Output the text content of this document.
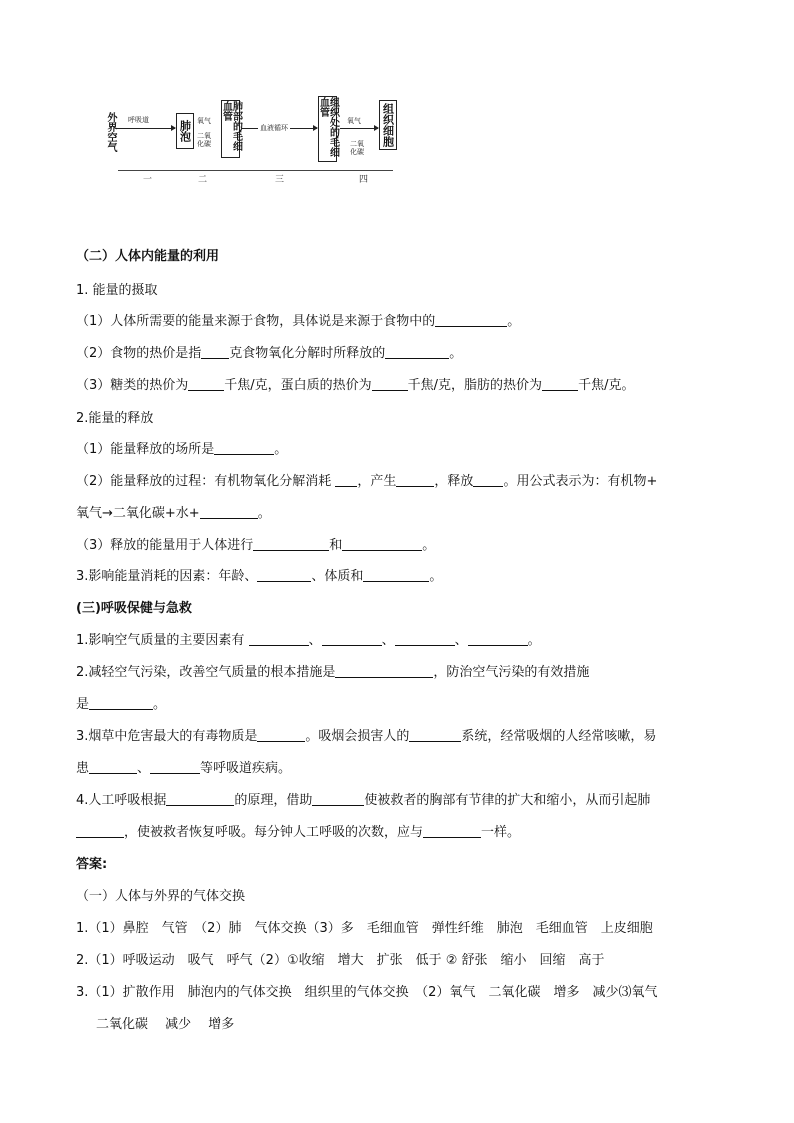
外界空气 呼吸道	肺泡 氧气
二氧化碳	肺部的毛细血管
血液循环	组织处的毛细血管
氧气
二氧化碳
组织细胞
一	二	三	四
（二）人体内能量的利用
1. 能量的摄取
（1）人体所需要的能量来源于食物，具体说是来源于食物中的	。
（2）食物的热价是指 克食物氧化分解时所释放的	。
（3）糖类的热价为	千焦/克，蛋白质的热价为	千焦/克，脂肪的热价为	千焦/克。
2.能量的释放
（1）能量释放的场所是	。
（2）能量释放的过程：有机物氧化分解消耗 ，产生	，释放 。用公式表示为：有机物+
氧气→二氧化碳+水+	。
（3）释放的能量用于人体进行	和	。
3.影响能量消耗的因素：年龄、	、体质和	。
(三)呼吸保健与急救
1.影响空气质量的主要因素有	、	、	、	。
2.减轻空气污染，改善空气质量的根本措施是	，防治空气污染的有效措施
是	。
3.烟草中危害最大的有毒物质是	。吸烟会损害人的	系统，经常吸烟的人经常咳嗽，易
患	、	等呼吸道疾病。
4.人工呼吸根据	的原理，借助	使被救者的胸部有节律的扩大和缩小，从而引起肺
，使被救者恢复呼吸。每分钟人工呼吸的次数，应与	一样。
答案:
（一）人体与外界的气体交换
1.（1）鼻腔　气管　（2）肺　气体交换（3）多　毛细血管　弹性纤维　肺泡　毛细血管　上皮细胞
2.（1）呼吸运动　吸气　呼气（2）①收缩　增大　扩张　低于 ② 舒张　缩小　回缩　高于
3.（1）扩散作用　肺泡内的气体交换　组织里的气体交换　（2）氧气　二氧化碳　增多　减少⑶氧气
二氧化碳　 减少　 增多
